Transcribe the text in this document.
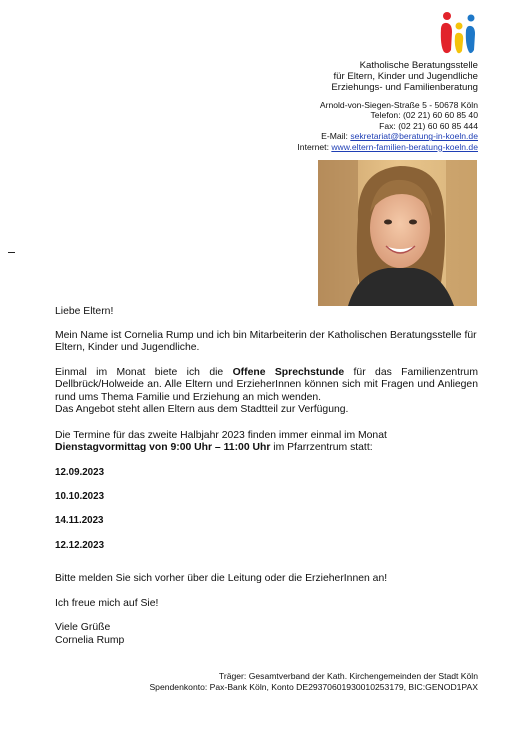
Katholische Beratungsstelle
für Eltern, Kinder und Jugendliche
Erziehungs- und Familienberatung
Arnold-von-Siegen-Straße 5 - 50678 Köln
Telefon: (02 21) 60 60 85 40
Fax: (02 21) 60 60 85 444
E-Mail: sekretariat@beratung-in-koeln.de
Internet: www.eltern-familien-beratung-koeln.de
Liebe Eltern!
Mein Name ist Cornelia Rump und ich bin Mitarbeiterin der Katholischen Beratungsstelle für Eltern, Kinder und Jugendliche.
Einmal im Monat biete ich die Offene Sprechstunde für das Familienzentrum Dellbrück/Holweide an. Alle Eltern und ErzieherInnen können sich mit Fragen und Anliegen rund ums Thema Familie und Erziehung an mich wenden.
Das Angebot steht allen Eltern aus dem Stadtteil zur Verfügung.
Die Termine für das zweite Halbjahr 2023 finden immer einmal im Monat
Dienstagvormittag von 9:00 Uhr – 11:00 Uhr im Pfarrzentrum statt:
12.09.2023
10.10.2023
14.11.2023
12.12.2023
Bitte melden Sie sich vorher über die Leitung oder die ErzieherInnen an!
Ich freue mich auf Sie!
Viele Grüße
Cornelia Rump
Träger: Gesamtverband der Kath. Kirchengemeinden der Stadt Köln
Spendenkonto: Pax-Bank Köln, Konto DE29370601930010253179, BIC:GENOD1PAX
